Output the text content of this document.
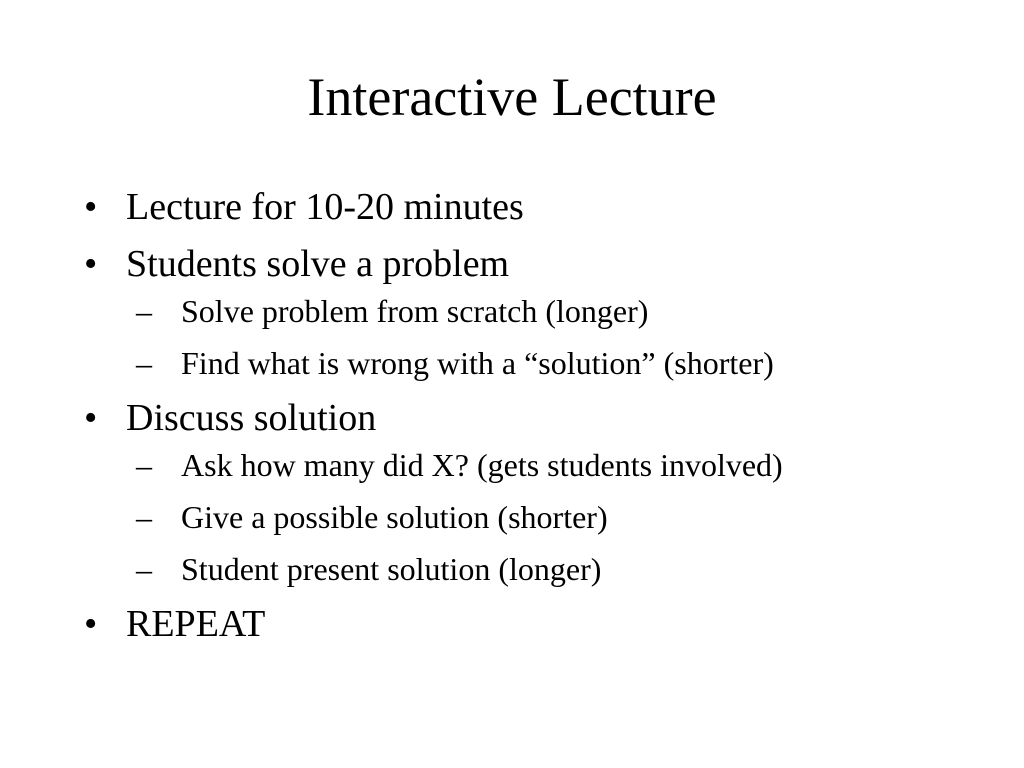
Interactive Lecture
• Lecture for 10-20 minutes
• Students solve a problem
– Solve problem from scratch (longer)
– Find what is wrong with a “solution” (shorter)
• Discuss solution
– Ask how many did X? (gets students involved)
– Give a possible solution (shorter)
– Student present solution (longer)
• REPEAT
